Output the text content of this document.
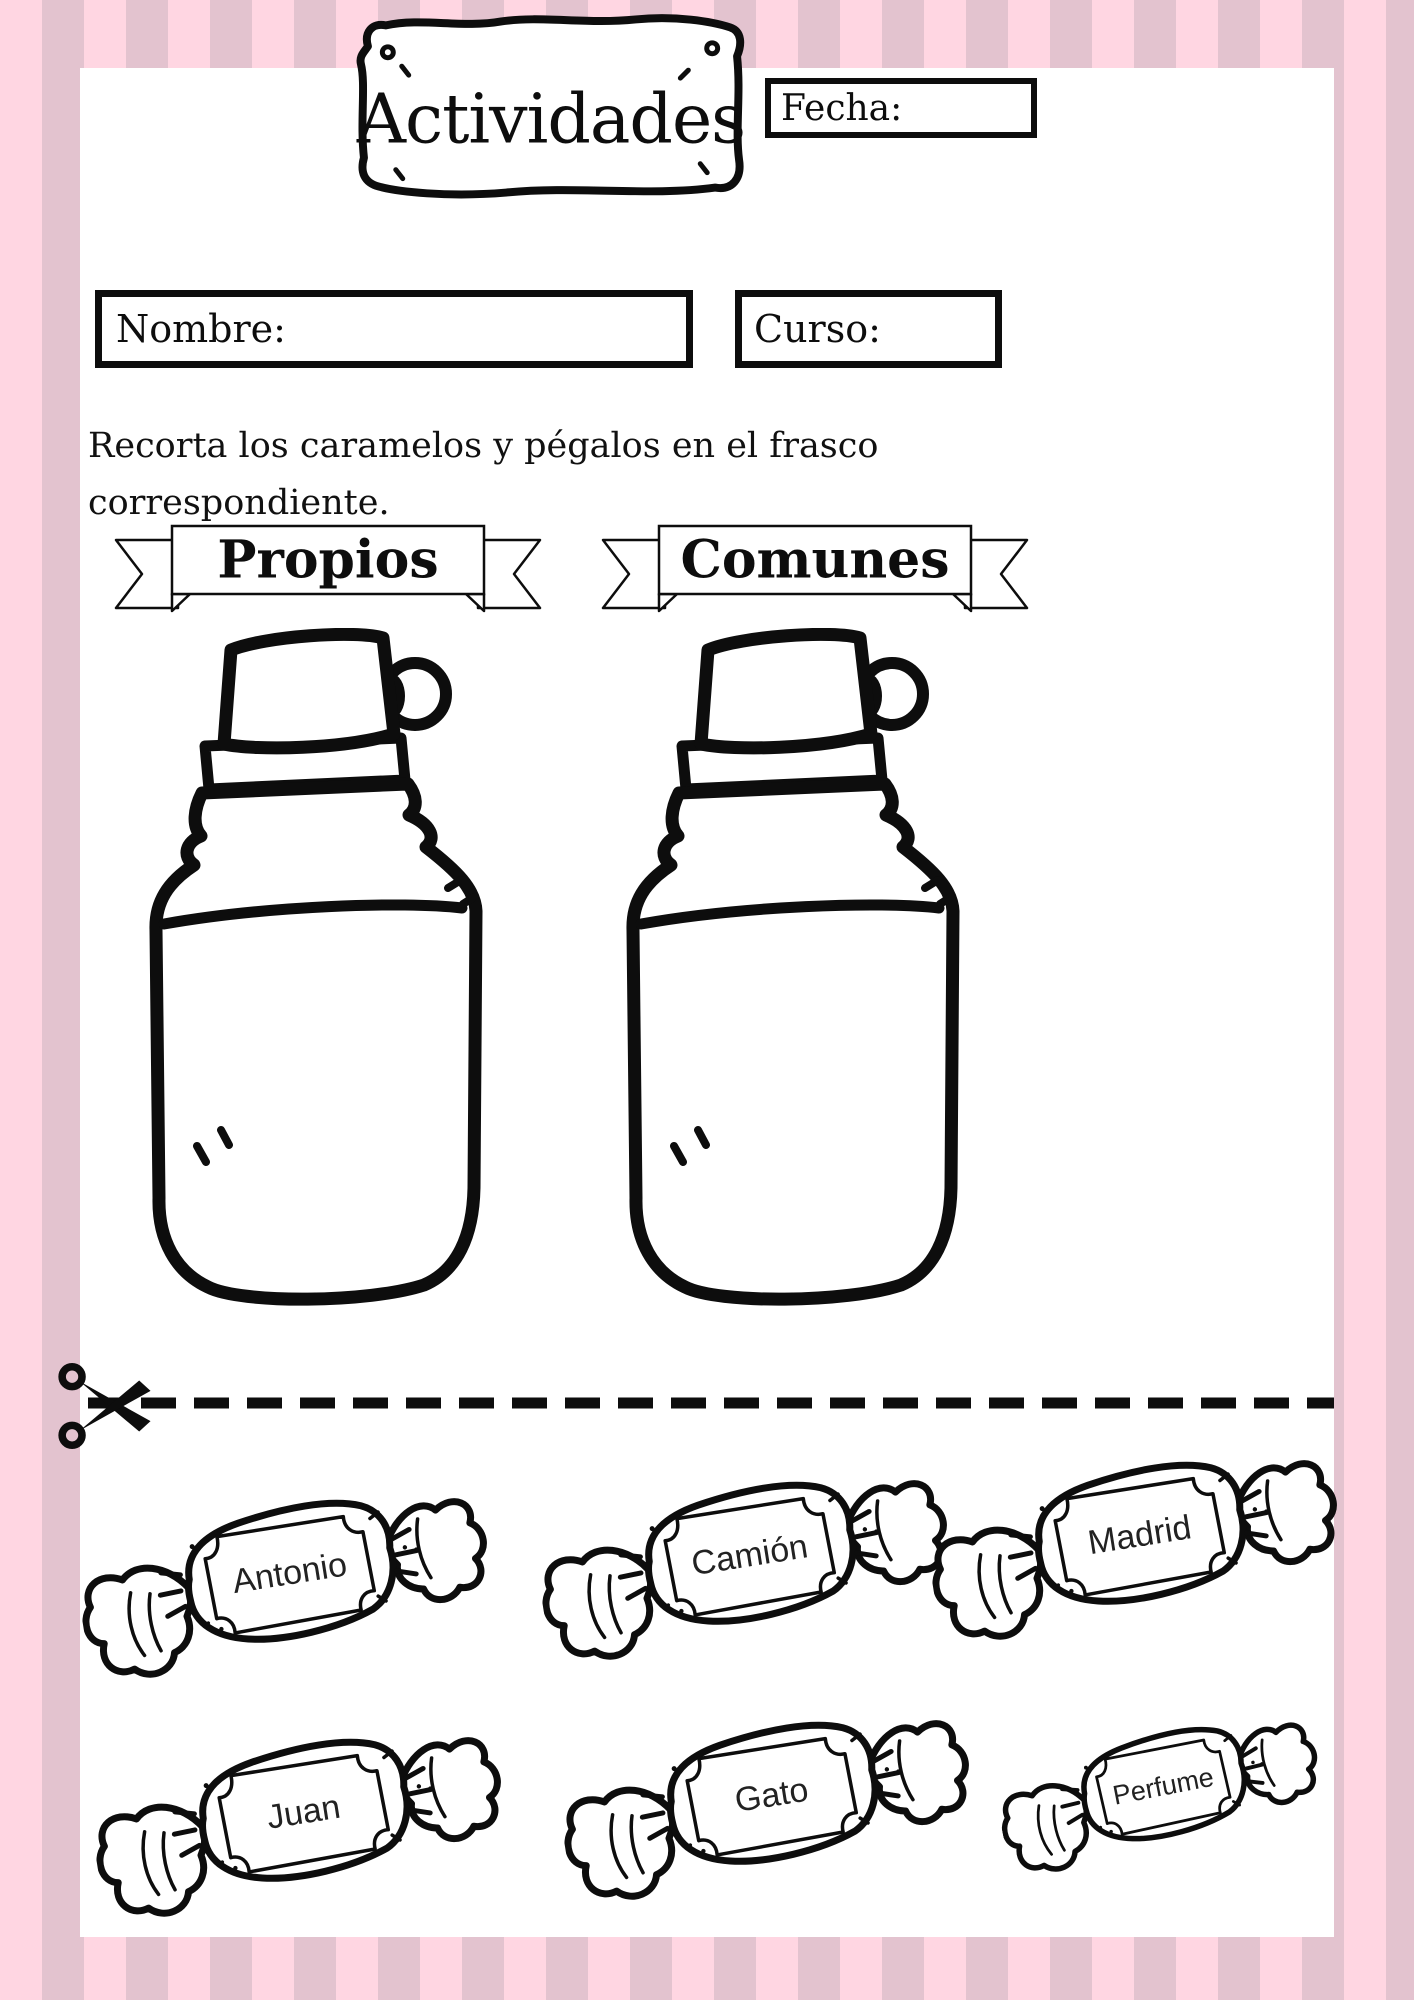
Actividades Fecha:
Nombre:	Curso:
Recorta los caramelos y pégalos en el frasco correspondiente.
Propios	Comunes
Antonio	Camión	Madrid
Juan	Gato	Perfume
